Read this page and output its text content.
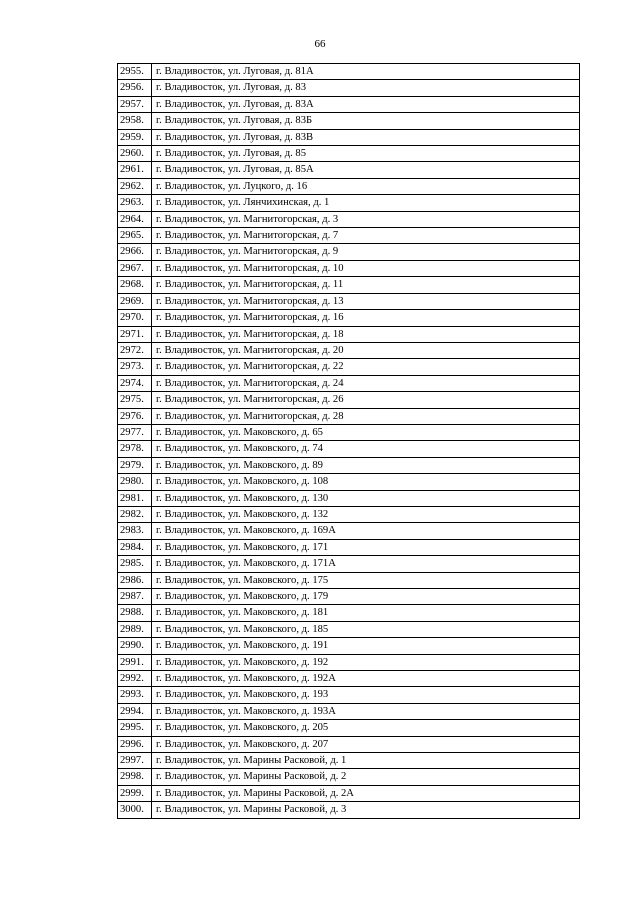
66
2955.	г. Владивосток, ул. Луговая, д. 81А
2956.	г. Владивосток, ул. Луговая, д. 83
2957.	г. Владивосток, ул. Луговая, д. 83А
2958.	г. Владивосток, ул. Луговая, д. 83Б
2959.	г. Владивосток, ул. Луговая, д. 83В
2960.	г. Владивосток, ул. Луговая, д. 85
2961.	г. Владивосток, ул. Луговая, д. 85А
2962.	г. Владивосток, ул. Луцкого, д. 16
2963.	г. Владивосток, ул. Лянчихинская, д. 1
2964.	г. Владивосток, ул. Магнитогорская, д. 3
2965.	г. Владивосток, ул. Магнитогорская, д. 7
2966.	г. Владивосток, ул. Магнитогорская, д. 9
2967.	г. Владивосток, ул. Магнитогорская, д. 10
2968.	г. Владивосток, ул. Магнитогорская, д. 11
2969.	г. Владивосток, ул. Магнитогорская, д. 13
2970.	г. Владивосток, ул. Магнитогорская, д. 16
2971.	г. Владивосток, ул. Магнитогорская, д. 18
2972.	г. Владивосток, ул. Магнитогорская, д. 20
2973.	г. Владивосток, ул. Магнитогорская, д. 22
2974.	г. Владивосток, ул. Магнитогорская, д. 24
2975.	г. Владивосток, ул. Магнитогорская, д. 26
2976.	г. Владивосток, ул. Магнитогорская, д. 28
2977.	г. Владивосток, ул. Маковского, д. 65
2978.	г. Владивосток, ул. Маковского, д. 74
2979.	г. Владивосток, ул. Маковского, д. 89
2980.	г. Владивосток, ул. Маковского, д. 108
2981.	г. Владивосток, ул. Маковского, д. 130
2982.	г. Владивосток, ул. Маковского, д. 132
2983.	г. Владивосток, ул. Маковского, д. 169А
2984.	г. Владивосток, ул. Маковского, д. 171
2985.	г. Владивосток, ул. Маковского, д. 171А
2986.	г. Владивосток, ул. Маковского, д. 175
2987.	г. Владивосток, ул. Маковского, д. 179
2988.	г. Владивосток, ул. Маковского, д. 181
2989.	г. Владивосток, ул. Маковского, д. 185
2990.	г. Владивосток, ул. Маковского, д. 191
2991.	г. Владивосток, ул. Маковского, д. 192
2992.	г. Владивосток, ул. Маковского, д. 192А
2993.	г. Владивосток, ул. Маковского, д. 193
2994.	г. Владивосток, ул. Маковского, д. 193А
2995.	г. Владивосток, ул. Маковского, д. 205
2996.	г. Владивосток, ул. Маковского, д. 207
2997.	г. Владивосток, ул. Марины Расковой, д. 1
2998.	г. Владивосток, ул. Марины Расковой, д. 2
2999.	г. Владивосток, ул. Марины Расковой, д. 2А
3000.	г. Владивосток, ул. Марины Расковой, д. 3
